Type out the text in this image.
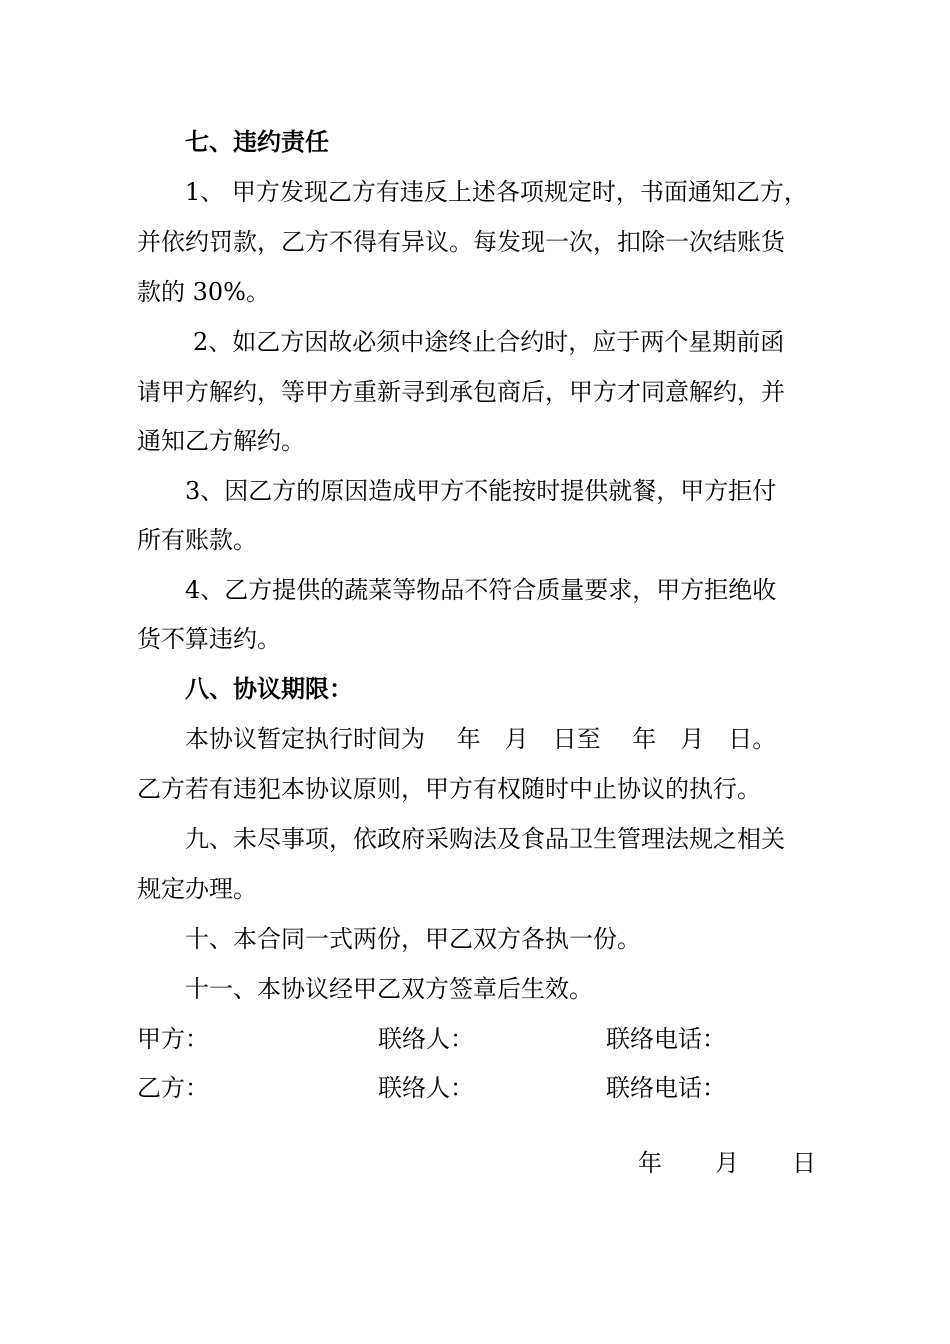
七、违约责任
1、 甲方发现乙方有违反上述各项规定时，书面通知乙方，
并依约罚款，乙方不得有异议。每发现一次，扣除一次结账货
款的 30%。
2、如乙方因故必须中途终止合约时，应于两个星期前函
请甲方解约，等甲方重新寻到承包商后，甲方才同意解约，并
通知乙方解约。
3、因乙方的原因造成甲方不能按时提供就餐，甲方拒付
所有账款。
4、乙方提供的蔬菜等物品不符合质量要求，甲方拒绝收
货不算违约。
八、协议期限：
本协议暂定执行时间为　 年　月　日至　 年　月　日。
乙方若有违犯本协议原则，甲方有权随时中止协议的执行。
九、未尽事项，依政府采购法及食品卫生管理法规之相关
规定办理。
十、本合同一式两份，甲乙双方各执一份。
十一、本协议经甲乙双方签章后生效。
甲方：	联络人：	联络电话：
乙方：	联络人：	联络电话：
年 月 日
